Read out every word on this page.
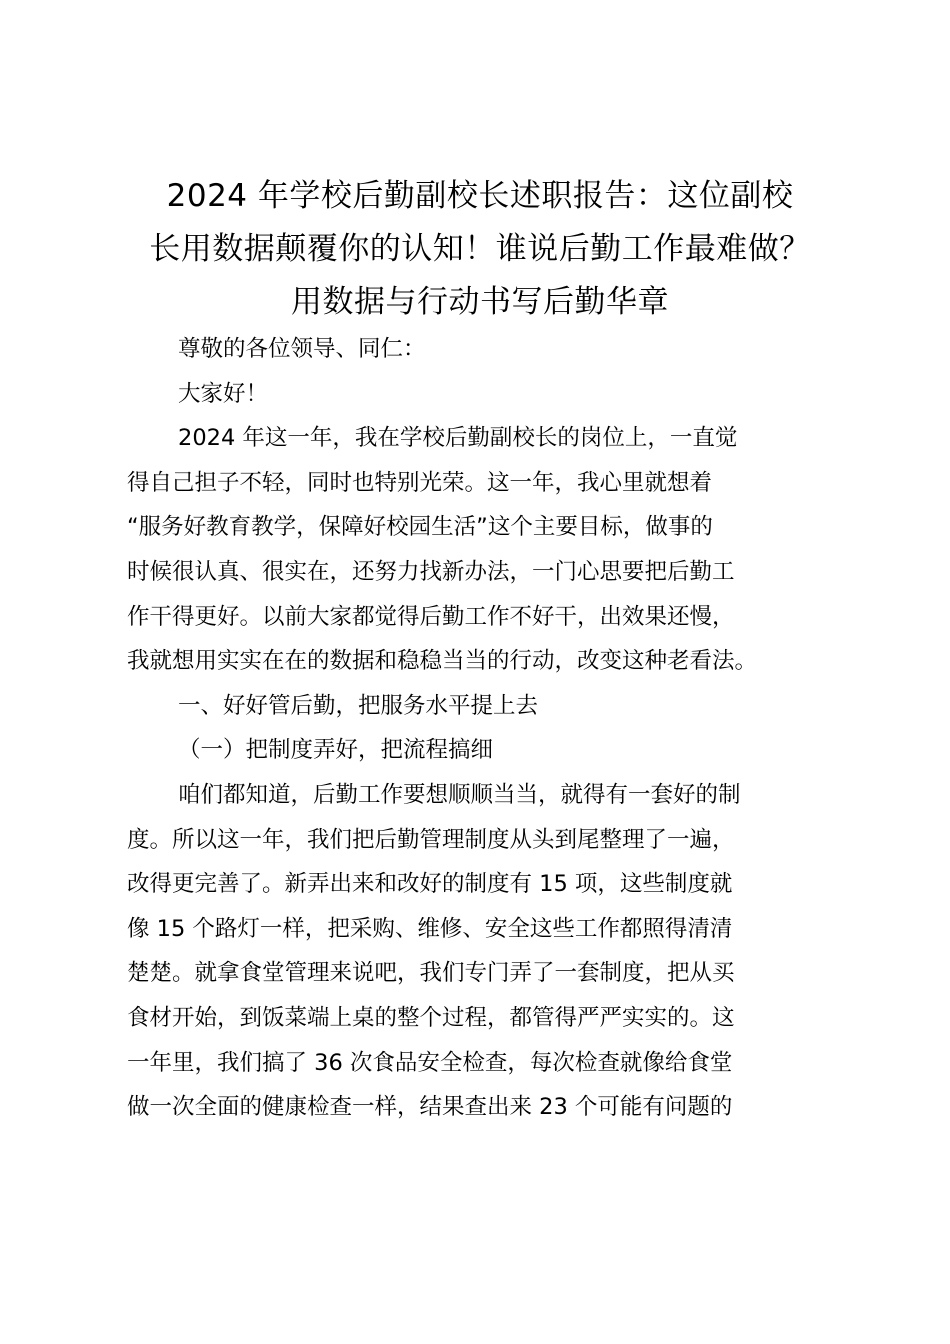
2024 年学校后勤副校长述职报告：这位副校
长用数据颠覆你的认知！谁说后勤工作最难做？
用数据与行动书写后勤华章
尊敬的各位领导、同仁：
大家好！
2024 年这一年，我在学校后勤副校长的岗位上，一直觉
得自己担子不轻，同时也特别光荣。这一年，我心里就想着
“服务好教育教学，保障好校园生活”这个主要目标，做事的
时候很认真、很实在，还努力找新办法，一门心思要把后勤工
作干得更好。以前大家都觉得后勤工作不好干，出效果还慢，
我就想用实实在在的数据和稳稳当当的行动，改变这种老看法。
一、好好管后勤，把服务水平提上去
（一）把制度弄好，把流程搞细
咱们都知道，后勤工作要想顺顺当当，就得有一套好的制
度。所以这一年，我们把后勤管理制度从头到尾整理了一遍，
改得更完善了。新弄出来和改好的制度有 15 项，这些制度就
像 15 个路灯一样，把采购、维修、安全这些工作都照得清清
楚楚。就拿食堂管理来说吧，我们专门弄了一套制度，把从买
食材开始，到饭菜端上桌的整个过程，都管得严严实实的。这
一年里，我们搞了 36 次食品安全检查，每次检查就像给食堂
做一次全面的健康检查一样，结果查出来 23 个可能有问题的
